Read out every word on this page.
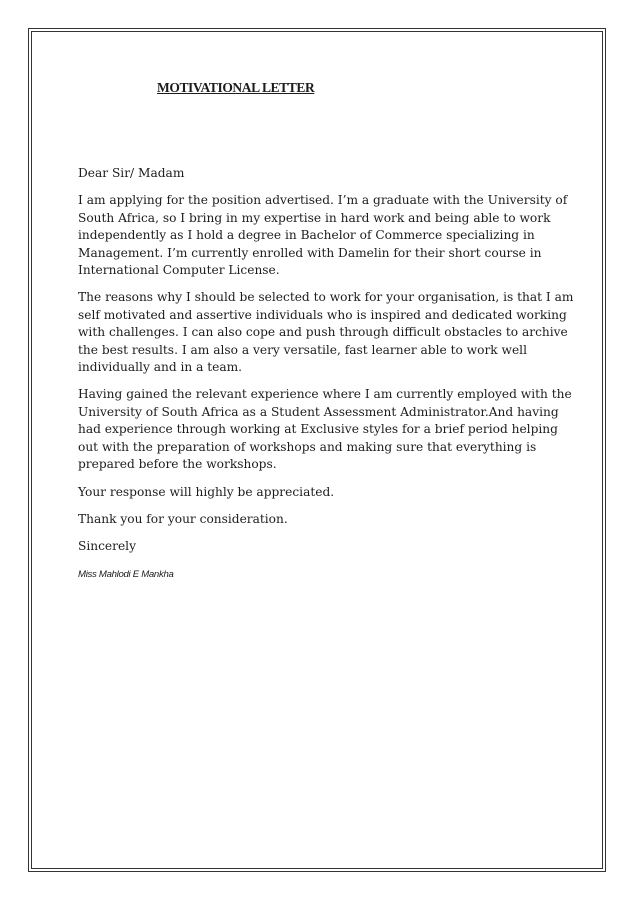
MOTIVATIONAL LETTER

Dear Sir/ Madam

I am applying for the position advertised. I’m a graduate with the University of South Africa, so I bring in my expertise in hard work and being able to work independently as I hold a degree in Bachelor of Commerce specializing in Management. I’m currently enrolled with Damelin for their short course in International Computer License.

The reasons why I should be selected to work for your organisation, is that I am self motivated and assertive individuals who is inspired and dedicated working with challenges. I can also cope and push through difficult obstacles to archive the best results. I am also a very versatile, fast learner able to work well individually and in a team.

Having gained the relevant experience where I am currently employed with the University of South Africa as a Student Assessment Administrator.And having had experience through working at Exclusive styles for a brief period helping out with the preparation of workshops and making sure that everything is prepared before the workshops.

Your response will highly be appreciated.

Thank you for your consideration.

Sincerely

Miss Mahlodi E Mankha
